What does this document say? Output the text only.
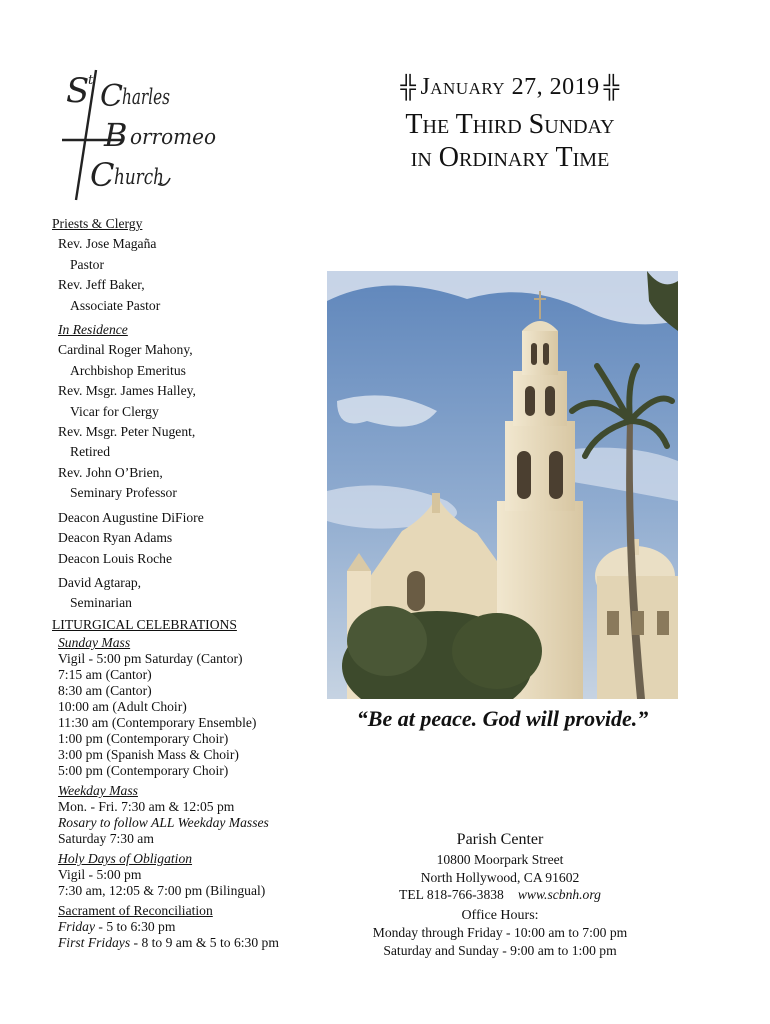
S
t C harles
B orromeo
C hurch
╬ January 27, 2019 ╬
The Third Sunday
in Ordinary Time
“Be at peace. God will provide.”
Priests & Clergy
Rev. Jose Magaña
Pastor
Rev. Jeff Baker,
Associate Pastor
In Residence
Cardinal Roger Mahony,
Archbishop Emeritus
Rev. Msgr. James Halley,
Vicar for Clergy
Rev. Msgr. Peter Nugent,
Retired
Rev. John O’Brien,
Seminary Professor
Deacon Augustine DiFiore
Deacon Ryan Adams
Deacon Louis Roche
David Agtarap,
Seminarian
LITURGICAL CELEBRATIONS
Sunday Mass
Vigil - 5:00 pm Saturday (Cantor)
7:15 am (Cantor)
8:30 am (Cantor)
10:00 am (Adult Choir)
11:30 am (Contemporary Ensemble)
1:00 pm (Contemporary Choir)
3:00 pm (Spanish Mass & Choir)
5:00 pm (Contemporary Choir)
Weekday Mass
Mon. - Fri. 7:30 am & 12:05 pm
Rosary to follow ALL Weekday Masses
Saturday 7:30 am
Holy Days of Obligation
Vigil - 5:00 pm
7:30 am, 12:05 & 7:00 pm (Bilingual)
Sacrament of Reconciliation
Friday - 5 to 6:30 pm
First Fridays - 8 to 9 am & 5 to 6:30 pm
Parish Center
10800 Moorpark Street
North Hollywood, CA 91602
TEL 818-766-3838 www.scbnh.org
Office Hours:
Monday through Friday - 10:00 am to 7:00 pm
Saturday and Sunday - 9:00 am to 1:00 pm
